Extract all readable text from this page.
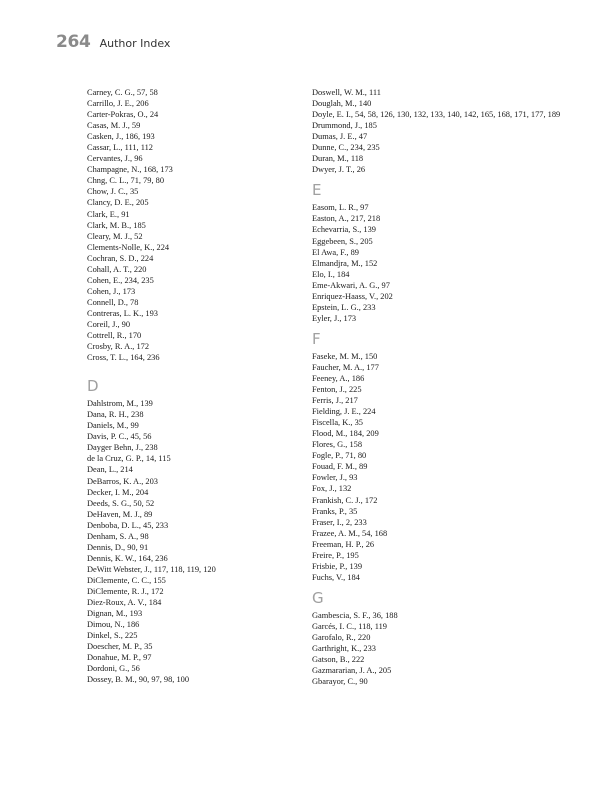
264 Author Index
Carney, C. G., 57, 58
Carrillo, J. E., 206
Carter-Pokras, O., 24
Casas, M. J., 59
Casken, J., 186, 193
Cassar, L., 111, 112
Cervantes, J., 96
Champagne, N., 168, 173
Chng, C. L., 71, 79, 80
Chow, J. C., 35
Clancy, D. E., 205
Clark, E., 91
Clark, M. B., 185
Cleary, M. J., 52
Clements-Nolle, K., 224
Cochran, S. D., 224
Cohall, A. T., 220
Cohen, E., 234, 235
Cohen, J., 173
Connell, D., 78
Contreras, L. K., 193
Coreil, J., 90
Cottrell, R., 170
Crosby, R. A., 172
Cross, T. L., 164, 236
D
Dahlstrom, M., 139
Dana, R. H., 238
Daniels, M., 99
Davis, P. C., 45, 56
Dayger Behn, J., 238
de la Cruz, G. P., 14, 115
Dean, L., 214
DeBarros, K. A., 203
Decker, I. M., 204
Deeds, S. G., 50, 52
DeHaven, M. J., 89
Denboba, D. L., 45, 233
Denham, S. A., 98
Dennis, D., 90, 91
Dennis, K. W., 164, 236
DeWitt Webster, J., 117, 118, 119, 120
DiClemente, C. C., 155
DiClemente, R. J., 172
Diez-Roux, A. V., 184
Dignan, M., 193
Dimou, N., 186
Dinkel, S., 225
Doescher, M. P., 35
Donahue, M. P., 97
Dordoni, G., 56
Dossey, B. M., 90, 97, 98, 100
Doswell, W. M., 111
Douglah, M., 140
Doyle, E. I., 54, 58, 126, 130, 132, 133, 140, 142, 165, 168, 171, 177, 189
Drummond, J., 185
Dumas, J. E., 47
Dunne, C., 234, 235
Duran, M., 118
Dwyer, J. T., 26
E
Easom, L. R., 97
Easton, A., 217, 218
Echevarria, S., 139
Eggebeen, S., 205
El Awa, F., 89
Elmandjra, M., 152
Elo, I., 184
Eme-Akwari, A. G., 97
Enriquez-Haass, V., 202
Epstein, L. G., 233
Eyler, J., 173
F
Faseke, M. M., 150
Faucher, M. A., 177
Feeney, A., 186
Fenton, J., 225
Ferris, J., 217
Fielding, J. E., 224
Fiscella, K., 35
Flood, M., 184, 209
Flores, G., 158
Fogle, P., 71, 80
Fouad, F. M., 89
Fowler, J., 93
Fox, J., 132
Frankish, C. J., 172
Franks, P., 35
Fraser, I., 2, 233
Frazee, A. M., 54, 168
Freeman, H. P., 26
Freire, P., 195
Frisbie, P., 139
Fuchs, V., 184
G
Gambescia, S. F., 36, 188
Garcés, I. C., 118, 119
Garofalo, R., 220
Garthright, K., 233
Gatson, B., 222
Gazmararian, J. A., 205
Gbarayor, C., 90
